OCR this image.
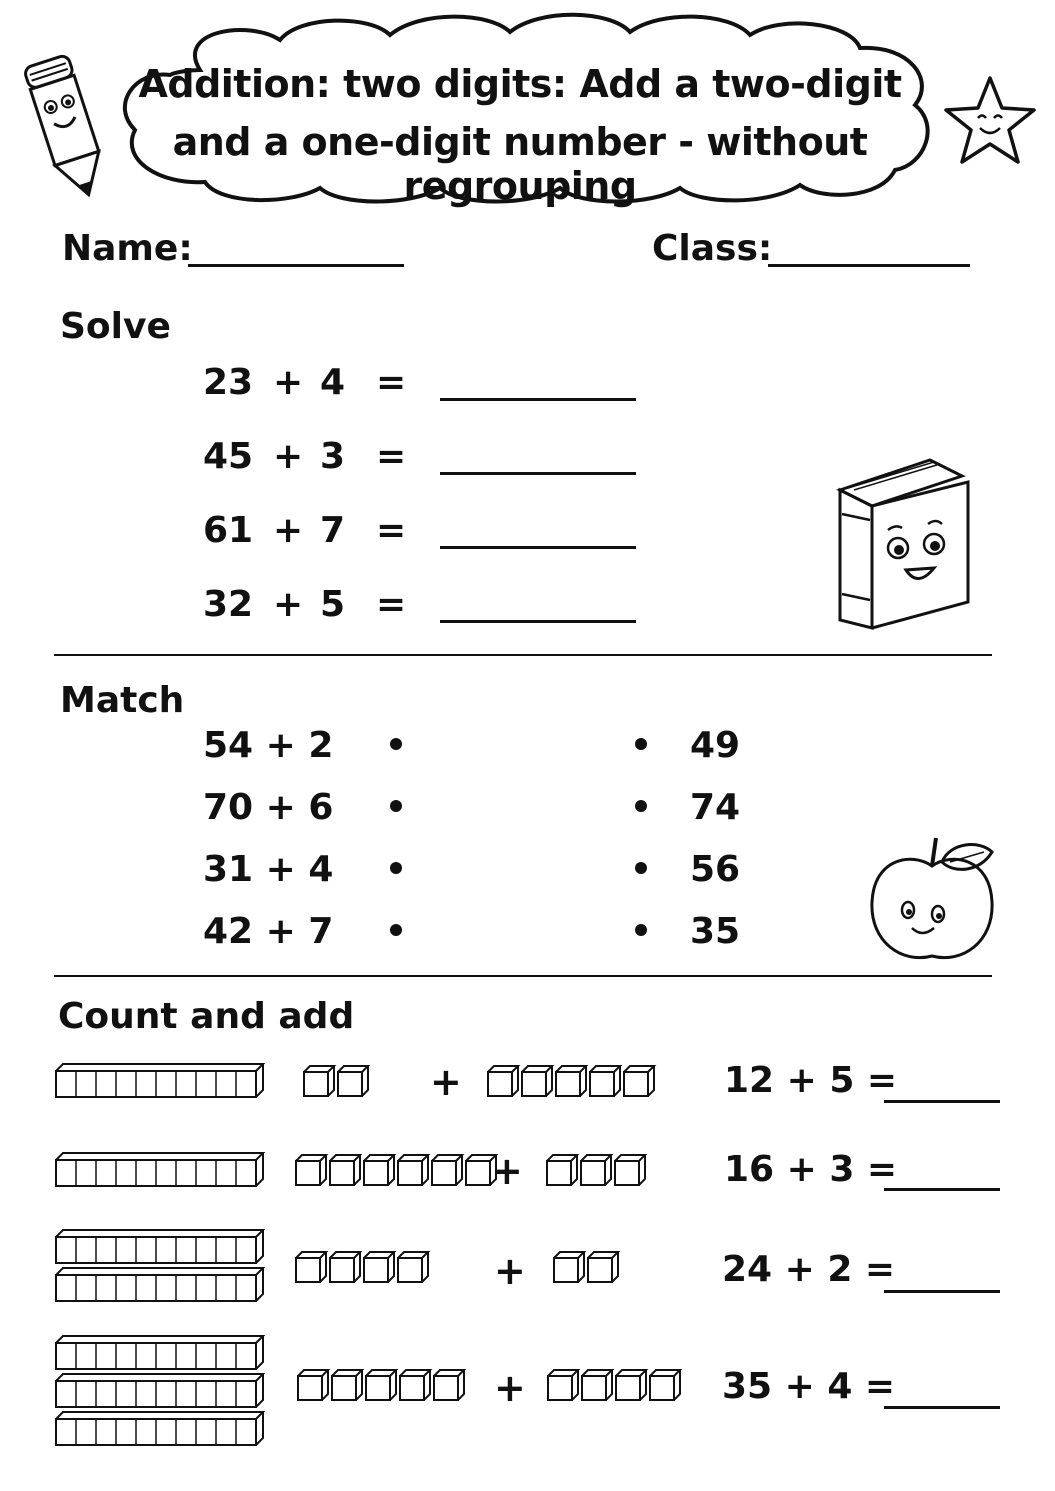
Addition: two digits: Add a two-digit
and a one-digit number - without regrouping
Name:	Class:
Solve
23 + 4 =
45 + 3 =
61 + 7 =
32 + 5 =
Match
54 + 2
70 + 6
31 + 4
42 + 7
49
74
56
35
Count and add
+	12 + 5 =
+	16 + 3 =
+	24 + 2 =
+	35 + 4 =
